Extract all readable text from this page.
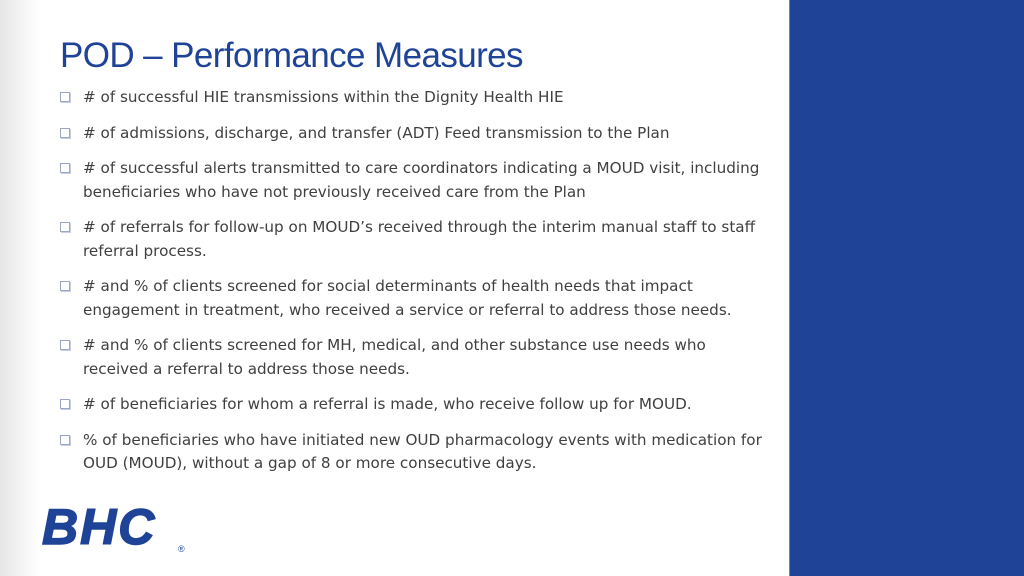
POD – Performance Measures
# of successful HIE transmissions within the Dignity Health HIE
# of admissions, discharge, and transfer (ADT) Feed transmission to the Plan
# of successful alerts transmitted to care coordinators indicating a MOUD visit, including beneficiaries who have not previously received care from the Plan
# of referrals for follow-up on MOUD’s received through the interim manual staff to staff referral process.
# and % of clients screened for social determinants of health needs that impact engagement in treatment, who received a service or referral to address those needs.
# and % of clients screened for MH, medical, and other substance use needs who received a referral to address those needs.
# of beneficiaries for whom a referral is made, who receive follow up for MOUD.
% of beneficiaries who have initiated new OUD pharmacology events with medication for OUD (MOUD), without a gap of 8 or more consecutive days.
BHC ®
